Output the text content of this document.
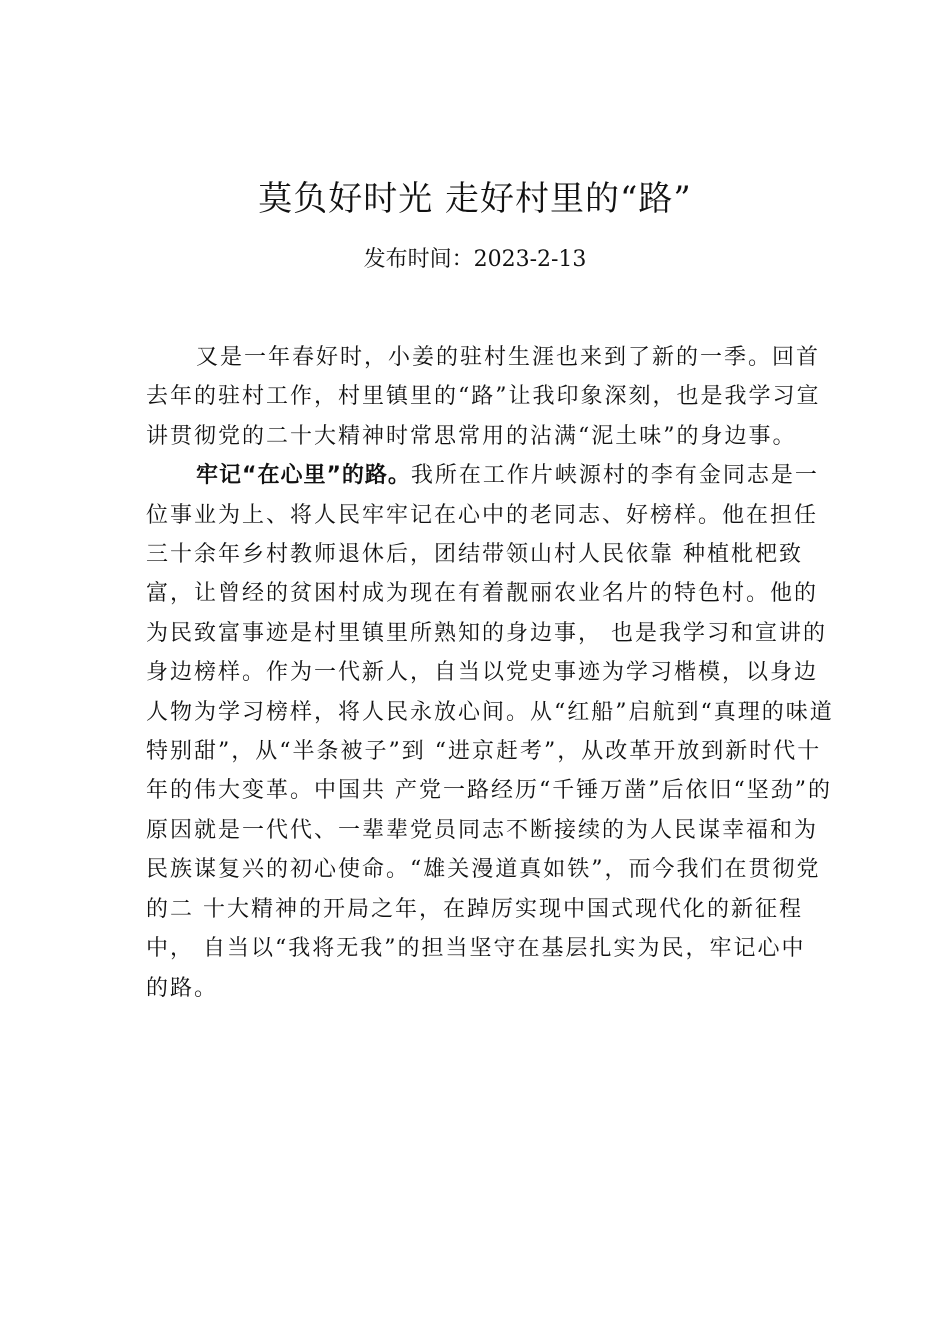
莫负好时光 走好村里的“路”
发布时间：2023-2-13

又是一年春好时，小姜的驻村生涯也来到了新的一季。回首去年的驻村工作，村里镇里的“路”让我印象深刻，也是我学习宣讲贯彻党的二十大精神时常思常用的沾满“泥土味”的身边事。

牢记“在心里”的路。我所在工作片峡源村的李有金同志是一位事业为上、将人民牢牢记在心中的老同志、好榜样。他在担任三十余年乡村教师退休后，团结带领山村人民依靠 种植枇杷致富，让曾经的贫困村成为现在有着靓丽农业名片的特色村。他的为民致富事迹是村里镇里所熟知的身边事， 也是我学习和宣讲的身边榜样。作为一代新人，自当以党史事迹为学习楷模，以身边人物为学习榜样，将人民永放心间。从“红船”启航到“真理的味道特别甜”，从“半条被子”到 “进京赶考”，从改革开放到新时代十年的伟大变革。中国共 产党一路经历“千锤万凿”后依旧“坚劲”的原因就是一代代、一辈辈党员同志不断接续的为人民谋幸福和为民族谋复兴的初心使命。“雄关漫道真如铁”，而今我们在贯彻党的二 十大精神的开局之年，在踔厉实现中国式现代化的新征程中， 自当以“我将无我”的担当坚守在基层扎实为民，牢记心中 的路。
